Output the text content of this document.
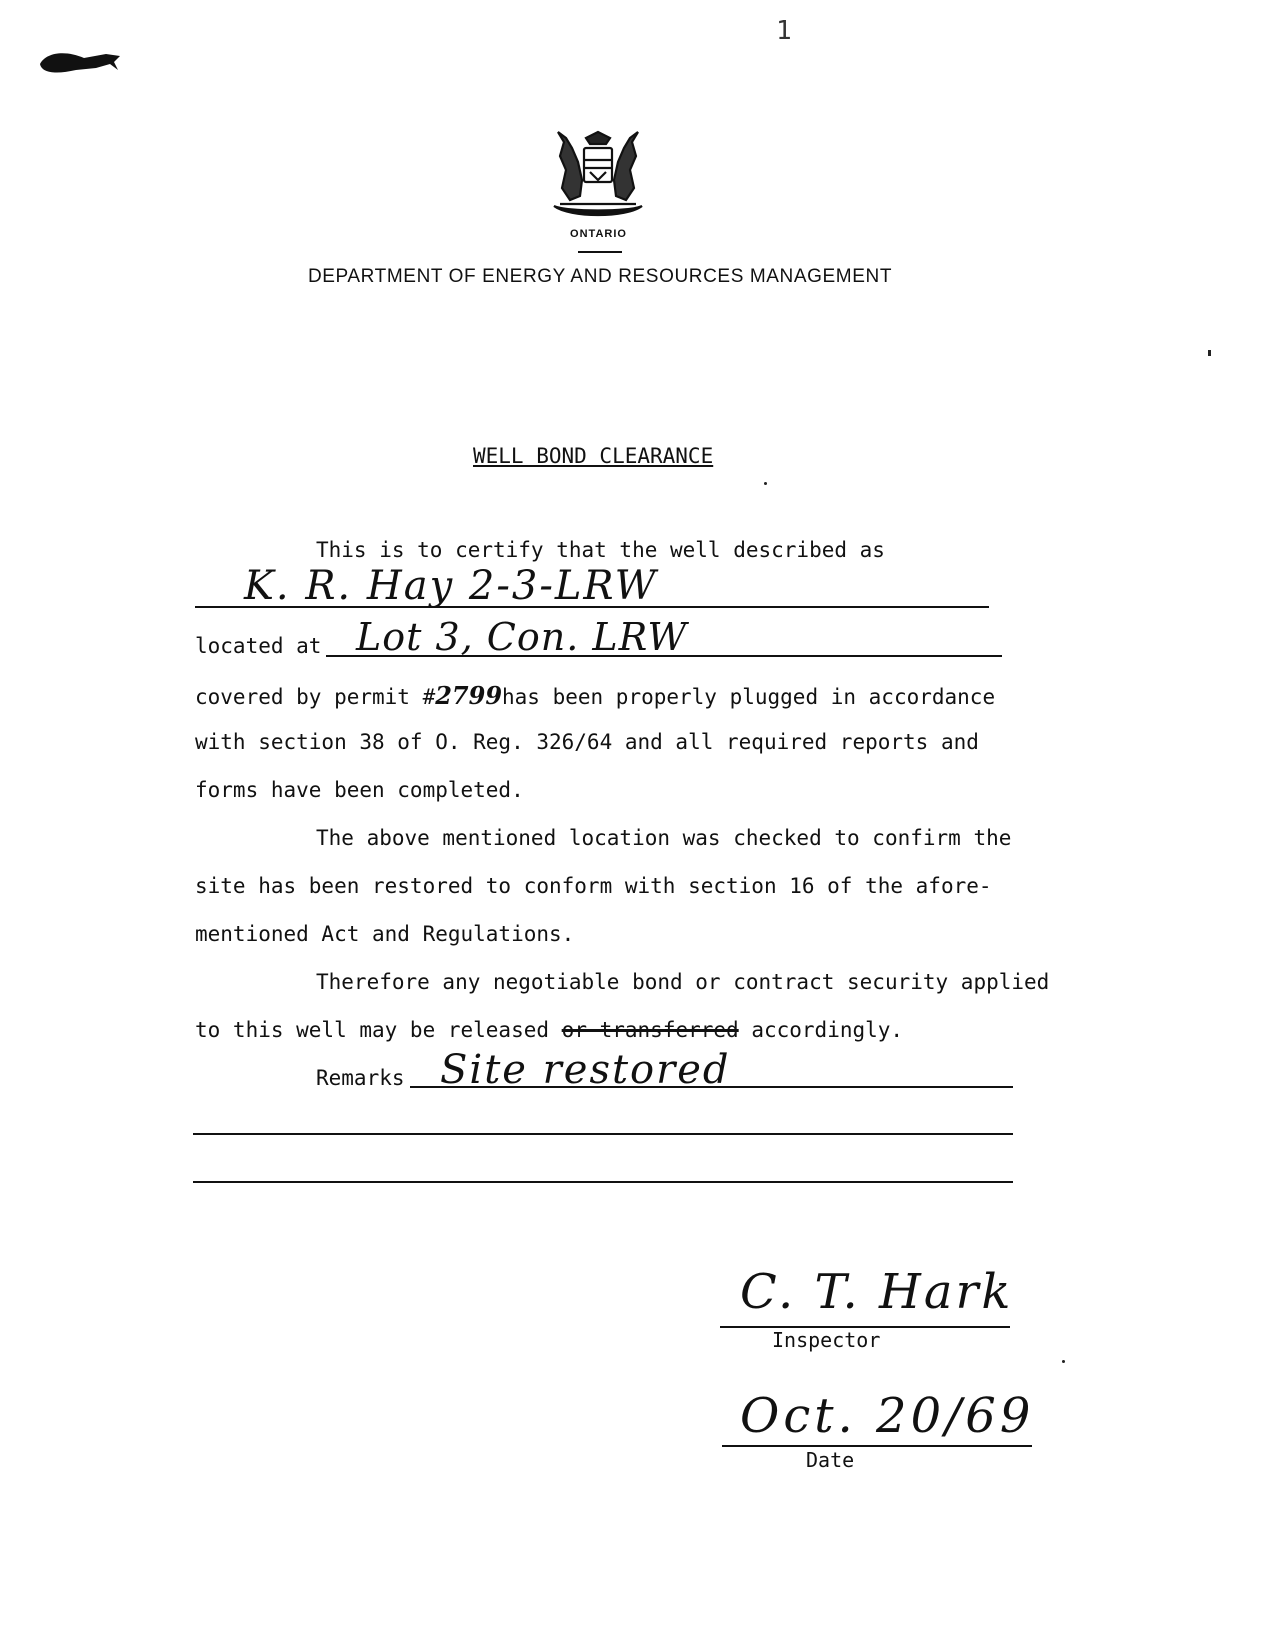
1
ONTARIO
DEPARTMENT OF ENERGY AND RESOURCES MANAGEMENT
WELL BOND CLEARANCE
This is to certify that the well described as
K. R. Hay 2-3-LRW
located at Lot 3, Con. LRW
covered by permit #2799has been properly plugged in accordance
with section 38 of O. Reg. 326/64 and all required reports and
forms have been completed.
The above mentioned location was checked to confirm the
site has been restored to conform with section 16 of the afore-
mentioned Act and Regulations.
Therefore any negotiable bond or contract security applied
to this well may be released or transferred accordingly.
Remarks Site restored
C. T. Hark
Inspector
Oct. 20/69
Date
